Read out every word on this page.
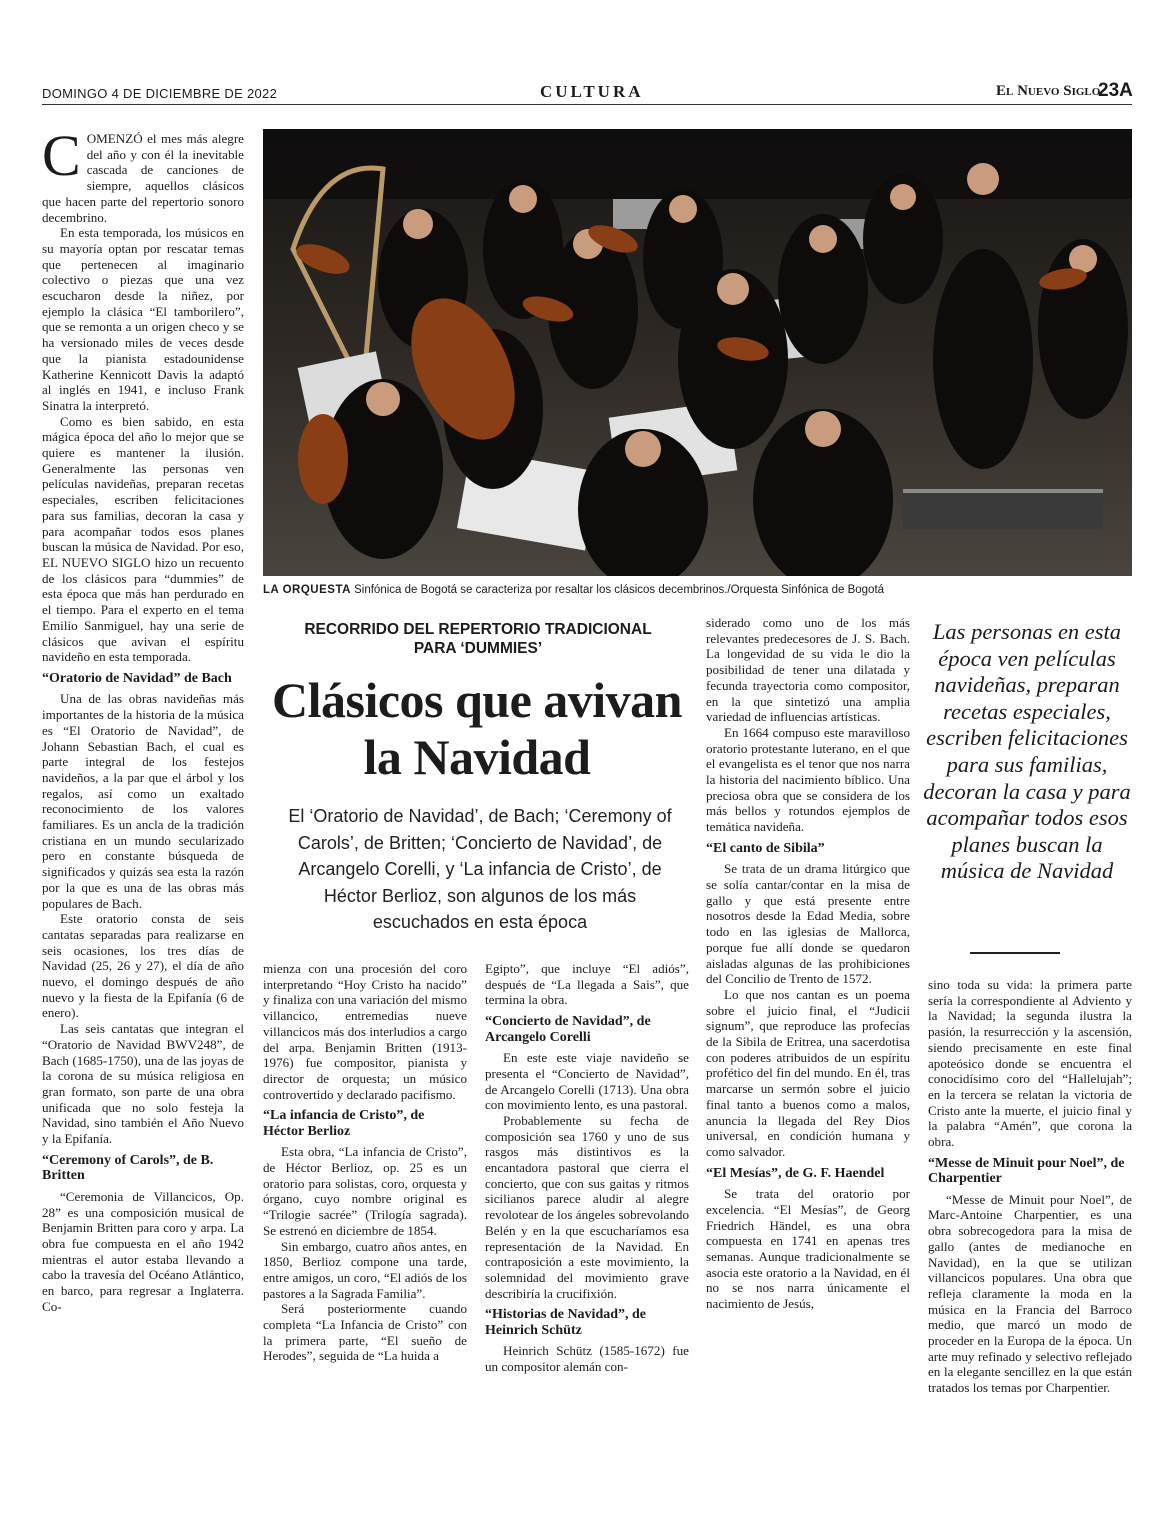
DOMINGO 4 DE DICIEMBRE DE 2022	CULTURA	El Nuevo Siglo
23A
LA ORQUESTA Sinfónica de Bogotá se caracteriza por resaltar los clásicos decembrinos./Orquesta Sinfónica de Bogotá

COMENZÓ el mes más alegre del año y con él la inevitable cascada de canciones de siempre, aquellos clásicos que hacen parte del repertorio sonoro decembrino.

En esta temporada, los músicos en su mayoría optan por rescatar temas que pertenecen al imaginario colectivo o piezas que una vez escucharon desde la niñez, por ejemplo la clásica “El tamborilero”, que se remonta a un origen checo y se ha versionado miles de veces desde que la pianista estadounidense Katherine Kennicott Davis la adaptó al inglés en 1941, e incluso Frank Sinatra la interpretó.

Como es bien sabido, en esta mágica época del año lo mejor que se quiere es mantener la ilusión. Generalmente las personas ven películas navideñas, preparan recetas especiales, escriben felicitaciones para sus familias, decoran la casa y para acompañar todos esos planes buscan la música de Navidad. Por eso, EL NUEVO SIGLO hizo un recuento de los clásicos para “dummies” de esta época que más han perdurado en el tiempo. Para el experto en el tema Emilio Sanmiguel, hay una serie de clásicos que avivan el espíritu navideño en esta temporada.

“Oratorio de Navidad” de Bach

Una de las obras navideñas más importantes de la historia de la música es “El Oratorio de Navidad”, de Johann Sebastian Bach, el cual es parte integral de los festejos navideños, a la par que el árbol y los regalos, así como un exaltado reconocimiento de los valores familiares. Es un ancla de la tradición cristiana en un mundo secularizado pero en constante búsqueda de significados y quizás sea esta la razón por la que es una de las obras más populares de Bach.

Este oratorio consta de seis cantatas separadas para realizarse en seis ocasiones, los tres días de Navidad (25, 26 y 27), el día de año nuevo, el domingo después de año nuevo y la fiesta de la Epifanía (6 de enero).

Las seis cantatas que integran el “Oratorio de Navidad BWV248”, de Bach (1685-1750), una de las joyas de la corona de su música religiosa en gran formato, son parte de una obra unificada que no solo festeja la Navidad, sino también el Año Nuevo y la Epifanía.

“Ceremony of Carols”, de B. Britten

“Ceremonia de Villancicos, Op. 28” es una composición musical de Benjamin Britten para coro y arpa. La obra fue compuesta en el año 1942 mientras el autor estaba llevando a cabo la travesía del Océano Atlántico, en barco, para regresar a Inglaterra. Co-

RECORRIDO DEL REPERTORIO TRADICIONAL PARA ‘DUMMIES’
Clásicos que avivan la Navidad
El ‘Oratorio de Navidad’, de Bach; ‘Ceremony of Carols’, de Britten; ‘Concierto de Navidad’, de Arcangelo Corelli, y ‘La infancia de Cristo’, de Héctor Berlioz, son algunos de los más escuchados en esta época

mienza con una procesión del coro interpretando “Hoy Cristo ha nacido” y finaliza con una variación del mismo villancico, entremedias nueve villancicos más dos interludios a cargo del arpa. Benjamin Britten (1913-1976) fue compositor, pianista y director de orquesta; un músico controvertido y declarado pacifismo.

“La infancia de Cristo”, de Héctor Berlioz

Esta obra, “La infancia de Cristo”, de Héctor Berlioz, op. 25 es un oratorio para solistas, coro, orquesta y órgano, cuyo nombre original es “Trilogie sacrée” (Trilogía sagrada). Se estrenó en diciembre de 1854.

Sin embargo, cuatro años antes, en 1850, Berlioz compone una tarde, entre amigos, un coro, “El adiós de los pastores a la Sagrada Familia”.

Será posteriormente cuando completa “La Infancia de Cristo” con la primera parte, “El sueño de Herodes”, seguida de “La huida a

Egipto”, que incluye “El adiós”, después de “La llegada a Sais”, que termina la obra.

“Concierto de Navidad”, de Arcangelo Corelli

En este este viaje navideño se presenta el “Concierto de Navidad”, de Arcangelo Corelli (1713). Una obra con movimiento lento, es una pastoral.

Probablemente su fecha de composición sea 1760 y uno de sus rasgos más distintivos es la encantadora pastoral que cierra el concierto, que con sus gaitas y ritmos sicilianos parece aludir al alegre revolotear de los ángeles sobrevolando Belén y en la que escucharíamos esa representación de la Navidad. En contraposición a este movimiento, la solemnidad del movimiento grave describiría la crucifixión.

“Historias de Navidad”, de Heinrich Schütz

Heinrich Schütz (1585-1672) fue un compositor alemán con-

siderado como uno de los más relevantes predecesores de J. S. Bach. La longevidad de su vida le dio la posibilidad de tener una dilatada y fecunda trayectoria como compositor, en la que sintetizó una amplia variedad de influencias artísticas.

En 1664 compuso este maravilloso oratorio protestante luterano, en el que el evangelista es el tenor que nos narra la historia del nacimiento bíblico. Una preciosa obra que se considera de los más bellos y rotundos ejemplos de temática navideña.

“El canto de Sibila”

Se trata de un drama litúrgico que se solía cantar/contar en la misa de gallo y que está presente entre nosotros desde la Edad Media, sobre todo en las iglesias de Mallorca, porque fue allí donde se quedaron aisladas algunas de las prohibiciones del Concilio de Trento de 1572.

Lo que nos cantan es un poema sobre el juicio final, el “Judicii signum”, que reproduce las profecías de la Sibila de Eritrea, una sacerdotisa con poderes atribuidos de un espíritu profético del fin del mundo. En él, tras marcarse un sermón sobre el juicio final tanto a buenos como a malos, anuncia la llegada del Rey Dios universal, en condición humana y como salvador.

“El Mesías”, de G. F. Haendel

Se trata del oratorio por excelencia. “El Mesías”, de Georg Friedrich Händel, es una obra compuesta en 1741 en apenas tres semanas. Aunque tradicionalmente se asocia este oratorio a la Navidad, en él no se nos narra únicamente el nacimiento de Jesús,

Las personas en esta época ven películas navideñas, preparan recetas especiales, escriben felicitaciones para sus familias, decoran la casa y para acompañar todos esos planes buscan la música de Navidad

sino toda su vida: la primera parte sería la correspondiente al Adviento y la Navidad; la segunda ilustra la pasión, la resurrección y la ascensión, siendo precisamente en este final apoteósico donde se encuentra el conocidísimo coro del “Hallelujah”; en la tercera se relatan la victoria de Cristo ante la muerte, el juicio final y la palabra “Amén”, que corona la obra.

“Messe de Minuit pour Noel”, de Charpentier

“Messe de Minuit pour Noel”, de Marc-Antoine Charpentier, es una obra sobrecogedora para la misa de gallo (antes de medianoche en Navidad), en la que se utilizan villancicos populares. Una obra que refleja claramente la moda en la música en la Francia del Barroco medio, que marcó un modo de proceder en la Europa de la época. Un arte muy refinado y selectivo reflejado en la elegante sencillez en la que están tratados los temas por Charpentier.
